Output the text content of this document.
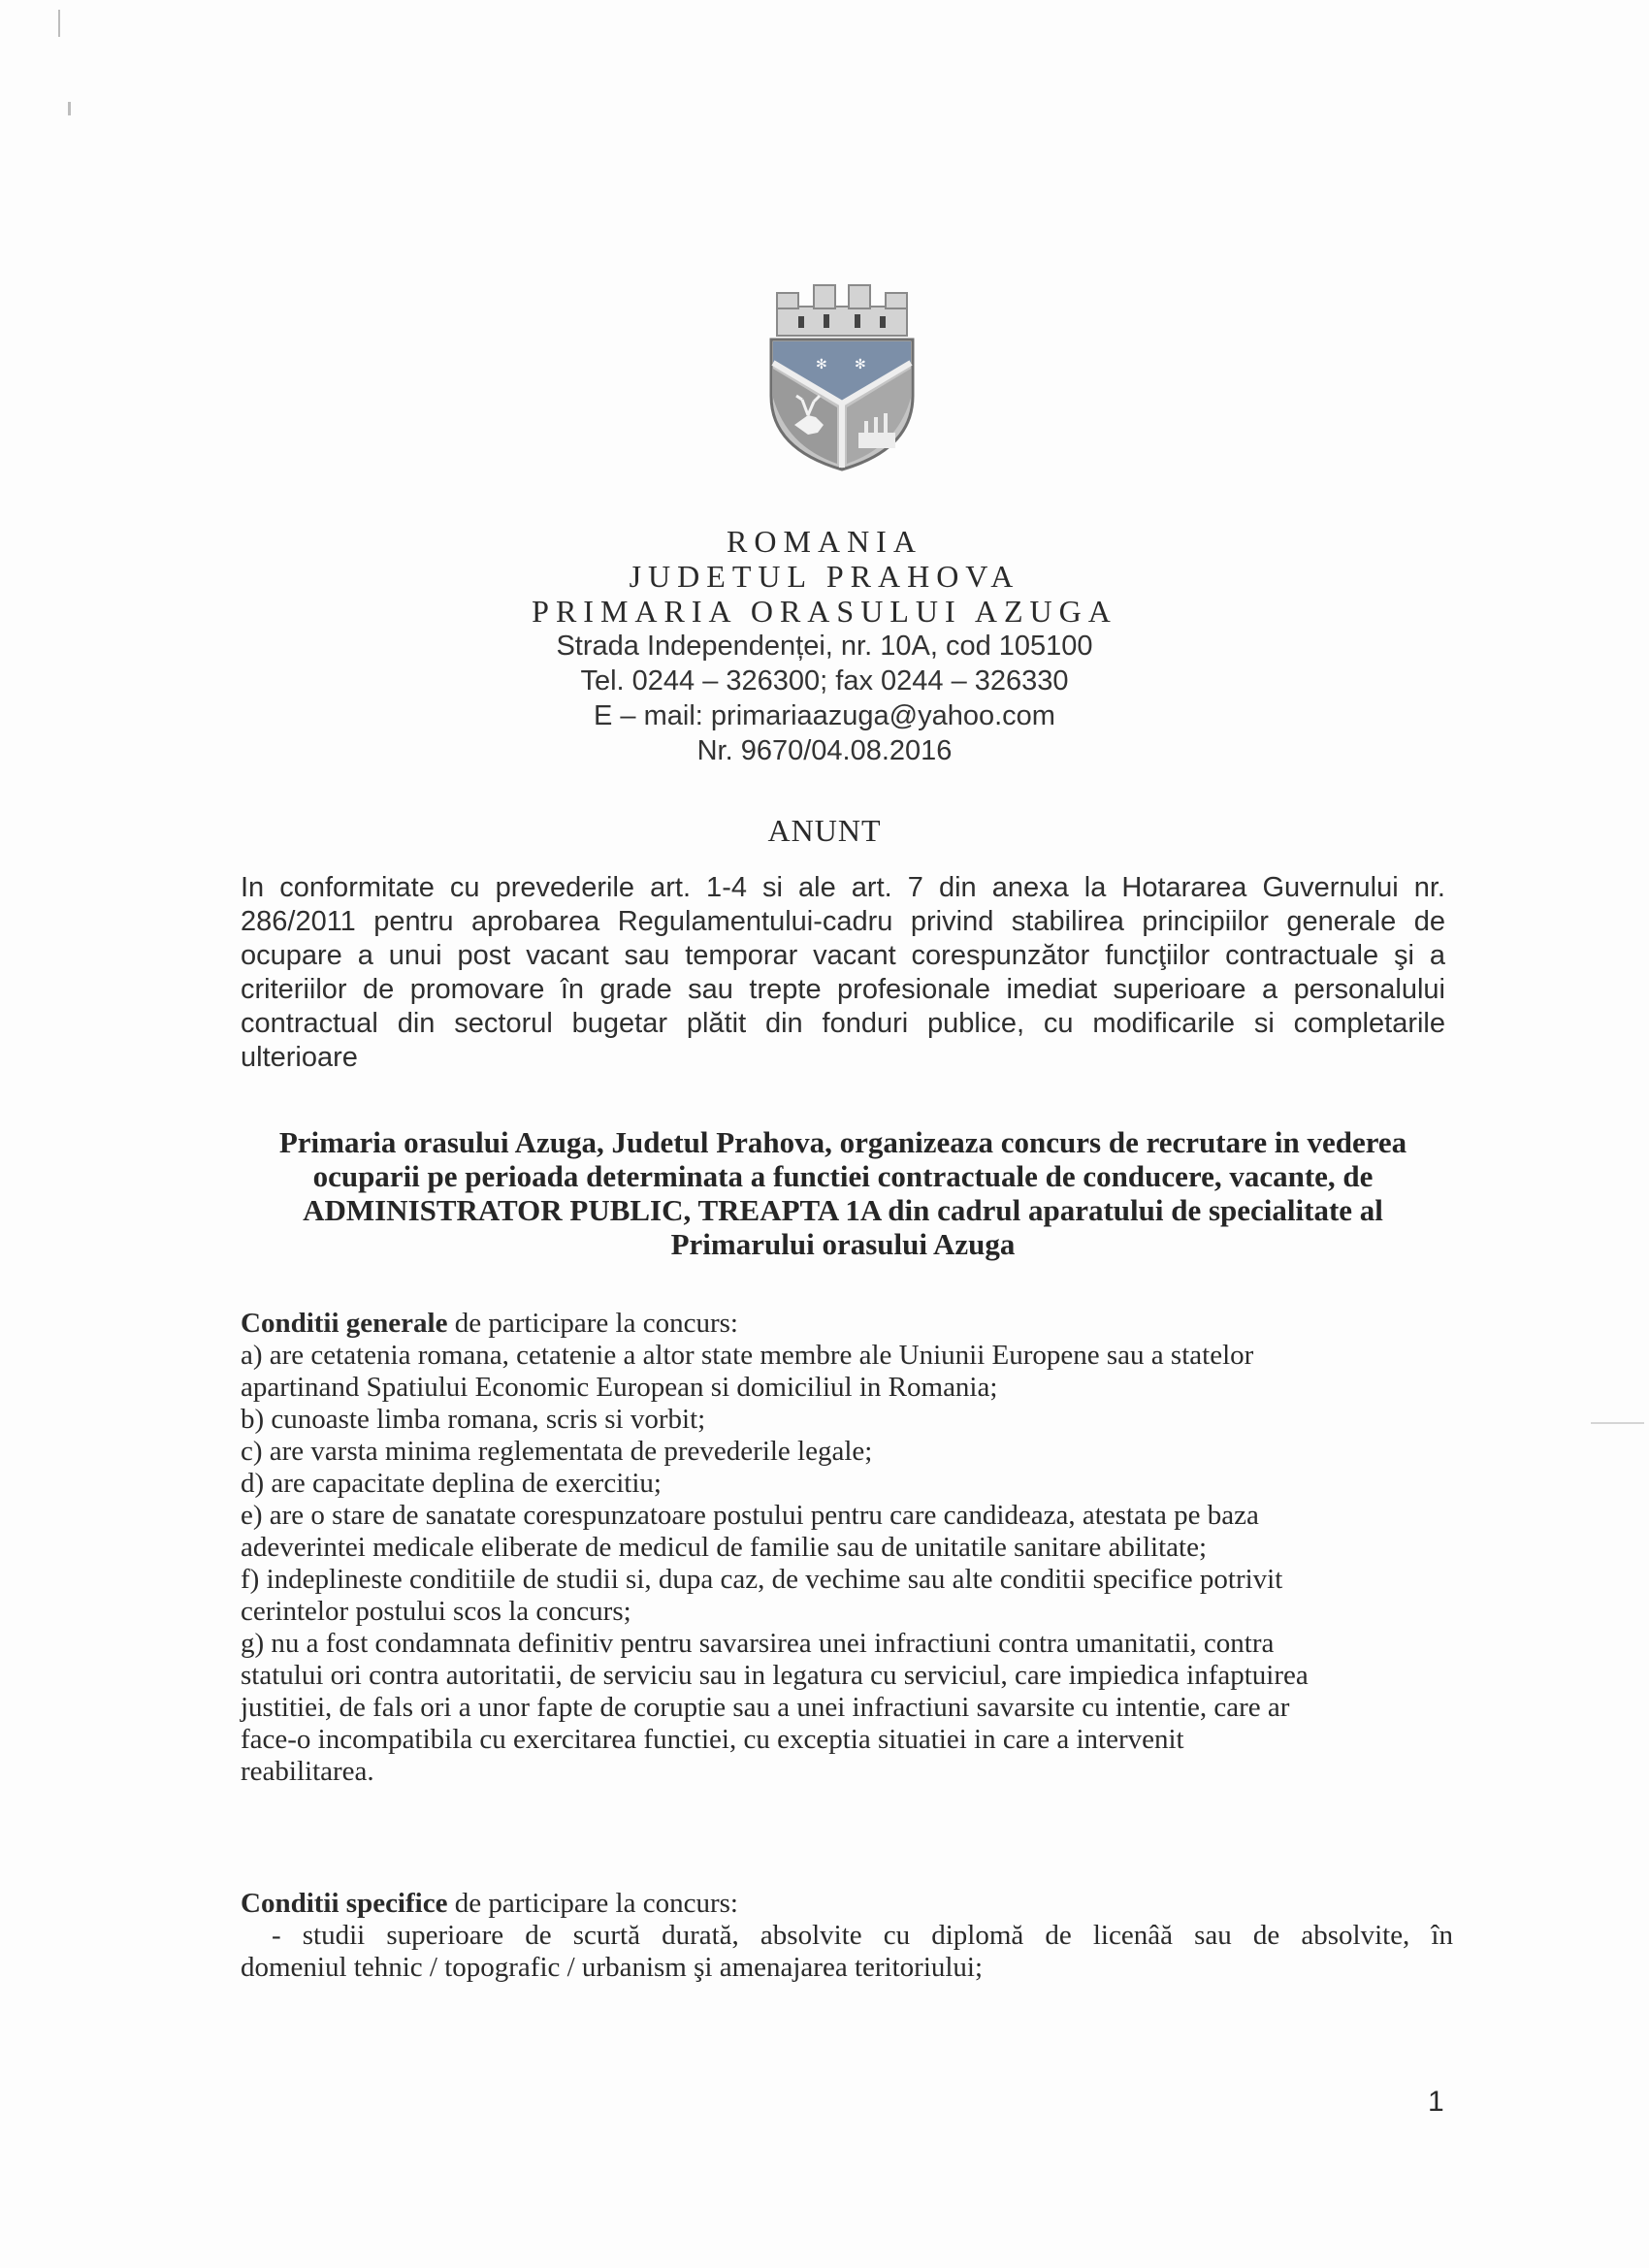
✻ ✻
ROMANIA
JUDETUL PRAHOVA
PRIMARIA ORASULUI AZUGA
Strada Independenței, nr. 10A, cod 105100
Tel. 0244 – 326300; fax 0244 – 326330
E – mail: primariaazuga@yahoo.com
Nr. 9670/04.08.2016
ANUNT
In conformitate cu prevederile art. 1-4 si ale art. 7 din anexa la Hotararea Guvernului nr.
286/2011 pentru aprobarea Regulamentului-cadru privind stabilirea principiilor generale de
ocupare a unui post vacant sau temporar vacant corespunzător funcţiilor contractuale şi a
criteriilor de promovare în grade sau trepte profesionale imediat superioare a personalului
contractual din sectorul bugetar plătit din fonduri publice, cu modificarile si completarile
ulterioare
Primaria orasului Azuga, Judetul Prahova, organizeaza concurs de recrutare in vederea
ocuparii pe perioada determinata a functiei contractuale de conducere, vacante, de
ADMINISTRATOR PUBLIC, TREAPTA 1A din cadrul aparatului de specialitate al
Primarului orasului Azuga
Conditii generale de participare la concurs:
a) are cetatenia romana, cetatenie a altor state membre ale Uniunii Europene sau a statelor
apartinand Spatiului Economic European si domiciliul in Romania;
b) cunoaste limba romana, scris si vorbit;
c) are varsta minima reglementata de prevederile legale;
d) are capacitate deplina de exercitiu;
e) are o stare de sanatate corespunzatoare postului pentru care candideaza, atestata pe baza
adeverintei medicale eliberate de medicul de familie sau de unitatile sanitare abilitate;
f) indeplineste conditiile de studii si, dupa caz, de vechime sau alte conditii specifice potrivit
cerintelor postului scos la concurs;
g) nu a fost condamnata definitiv pentru savarsirea unei infractiuni contra umanitatii, contra
statului ori contra autoritatii, de serviciu sau in legatura cu serviciul, care impiedica infaptuirea
justitiei, de fals ori a unor fapte de coruptie sau a unei infractiuni savarsite cu intentie, care ar
face-o incompatibila cu exercitarea functiei, cu exceptia situatiei in care a intervenit
reabilitarea.
Conditii specifice de participare la concurs:
- studii superioare de scurtă durată, absolvite cu diplomă de licenâă sau de absolvite, în
domeniul tehnic / topografic / urbanism şi amenajarea teritoriului;
1
